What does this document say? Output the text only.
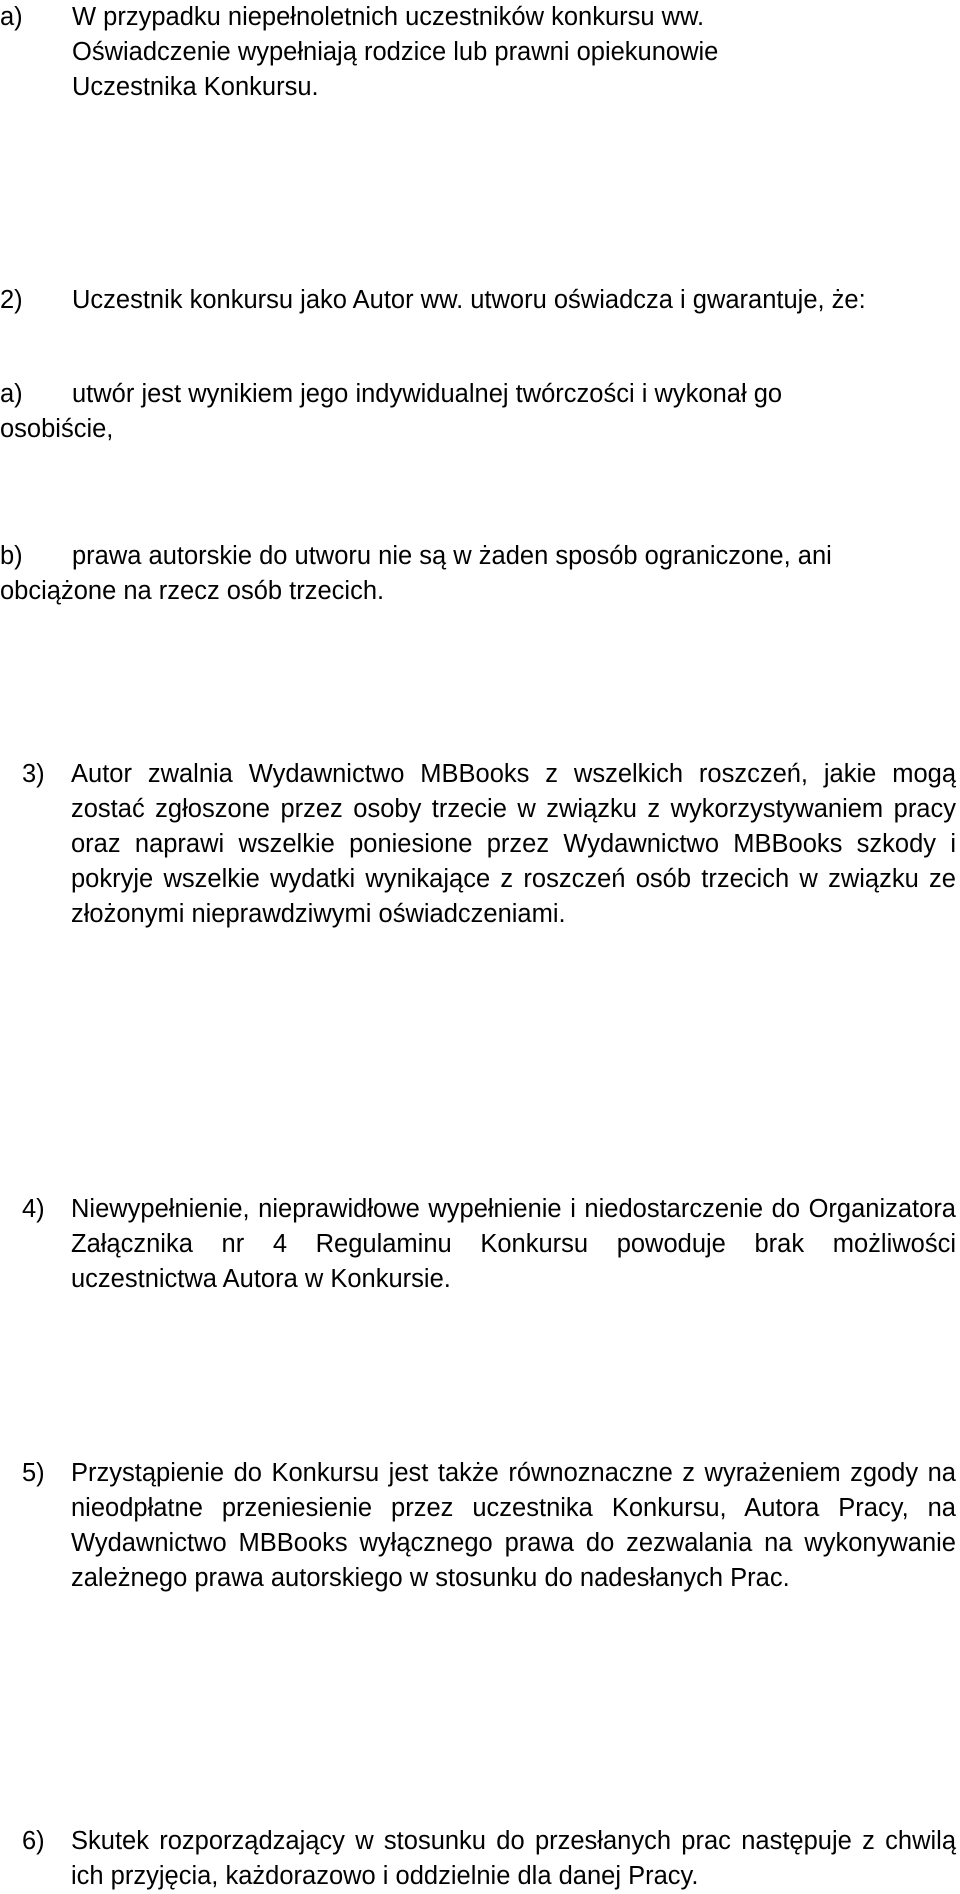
a)	W przypadku niepełnoletnich uczestników konkursu ww. Oświadczenie wypełniają rodzice lub prawni opiekunowie Uczestnika Konkursu.
2)	Uczestnik konkursu jako Autor ww. utworu oświadcza i gwarantuje, że:
a)	utwór jest wynikiem jego indywidualnej twórczości i wykonał go osobiście,
b)	prawa autorskie do utworu nie są w żaden sposób ograniczone, ani obciążone na rzecz osób trzecich.
3) Autor zwalnia Wydawnictwo MBBooks z wszelkich roszczeń, jakie mogą zostać zgłoszone przez osoby trzecie w związku z wykorzystywaniem pracy oraz naprawi wszelkie poniesione przez Wydawnictwo MBBooks szkody i pokryje wszelkie wydatki wynikające z roszczeń osób trzecich w związku ze złożonymi nieprawdziwymi oświadczeniami.
4) Niewypełnienie, nieprawidłowe wypełnienie i niedostarczenie do Organizatora Załącznika nr 4 Regulaminu Konkursu powoduje brak możliwości uczestnictwa Autora w Konkursie.
5) Przystąpienie do Konkursu jest także równoznaczne z wyrażeniem zgody na nieodpłatne przeniesienie przez uczestnika Konkursu, Autora Pracy, na Wydawnictwo MBBooks wyłącznego prawa do zezwalania na wykonywanie zależnego prawa autorskiego w stosunku do nadesłanych Prac.
6) Skutek rozporządzający w stosunku do przesłanych prac następuje z chwilą ich przyjęcia, każdorazowo i oddzielnie dla danej Pracy.
